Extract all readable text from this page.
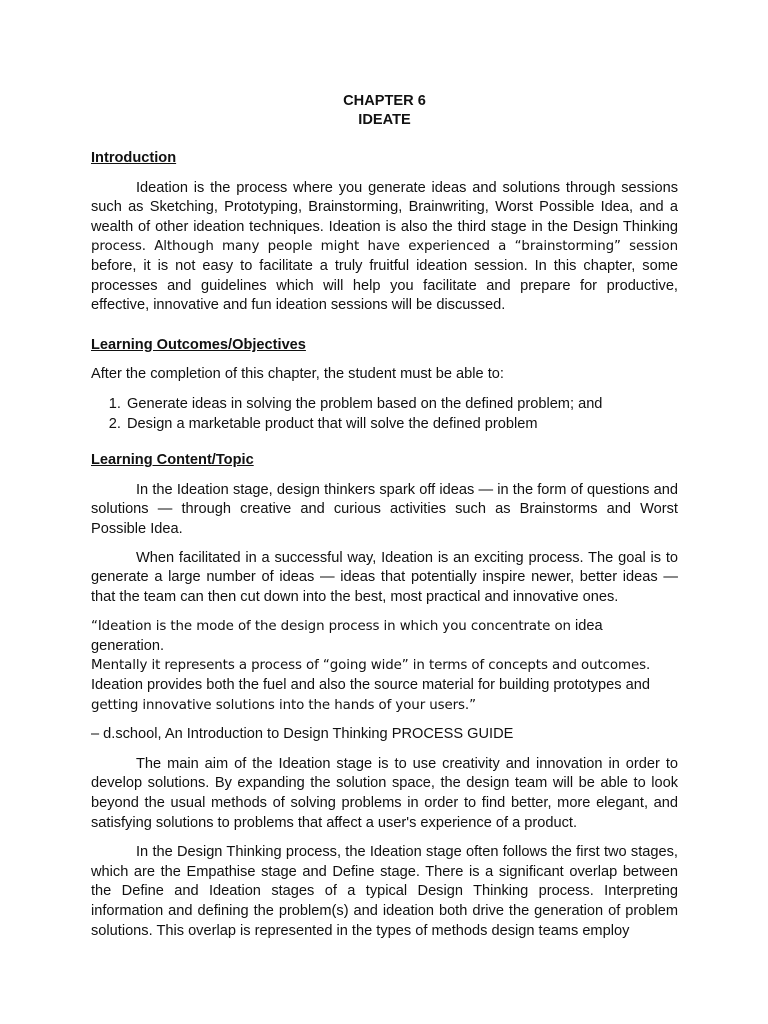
CHAPTER 6
IDEATE

Introduction

Ideation is the process where you generate ideas and solutions through sessions such as Sketching, Prototyping, Brainstorming, Brainwriting, Worst Possible Idea, and a wealth of other ideation techniques. Ideation is also the third stage in the Design Thinking process. Although many people might have experienced a “brainstorming” session before, it is not easy to facilitate a truly fruitful ideation session. In this chapter, some processes and guidelines which will help you facilitate and prepare for productive, effective, innovative and fun ideation sessions will be discussed.

Learning Outcomes/Objectives

After the completion of this chapter, the student must be able to:

1. Generate ideas in solving the problem based on the defined problem; and
2. Design a marketable product that will solve the defined problem

Learning Content/Topic

In the Ideation stage, design thinkers spark off ideas — in the form of questions and solutions — through creative and curious activities such as Brainstorms and Worst Possible Idea.

When facilitated in a successful way, Ideation is an exciting process. The goal is to generate a large number of ideas — ideas that potentially inspire newer, better ideas — that the team can then cut down into the best, most practical and innovative ones.

“Ideation is the mode of the design process in which you concentrate on idea generation.
Mentally it represents a process of “going wide” in terms of concepts and outcomes.
Ideation provides both the fuel and also the source material for building prototypes and
getting innovative solutions into the hands of your users.”

– d.school, An Introduction to Design Thinking PROCESS GUIDE

The main aim of the Ideation stage is to use creativity and innovation in order to develop solutions. By expanding the solution space, the design team will be able to look beyond the usual methods of solving problems in order to find better, more elegant, and satisfying solutions to problems that affect a user's experience of a product.

In the Design Thinking process, the Ideation stage often follows the first two stages, which are the Empathise stage and Define stage. There is a significant overlap between the Define and Ideation stages of a typical Design Thinking process. Interpreting information and defining the problem(s) and ideation both drive the generation of problem solutions. This overlap is represented in the types of methods design teams employ
